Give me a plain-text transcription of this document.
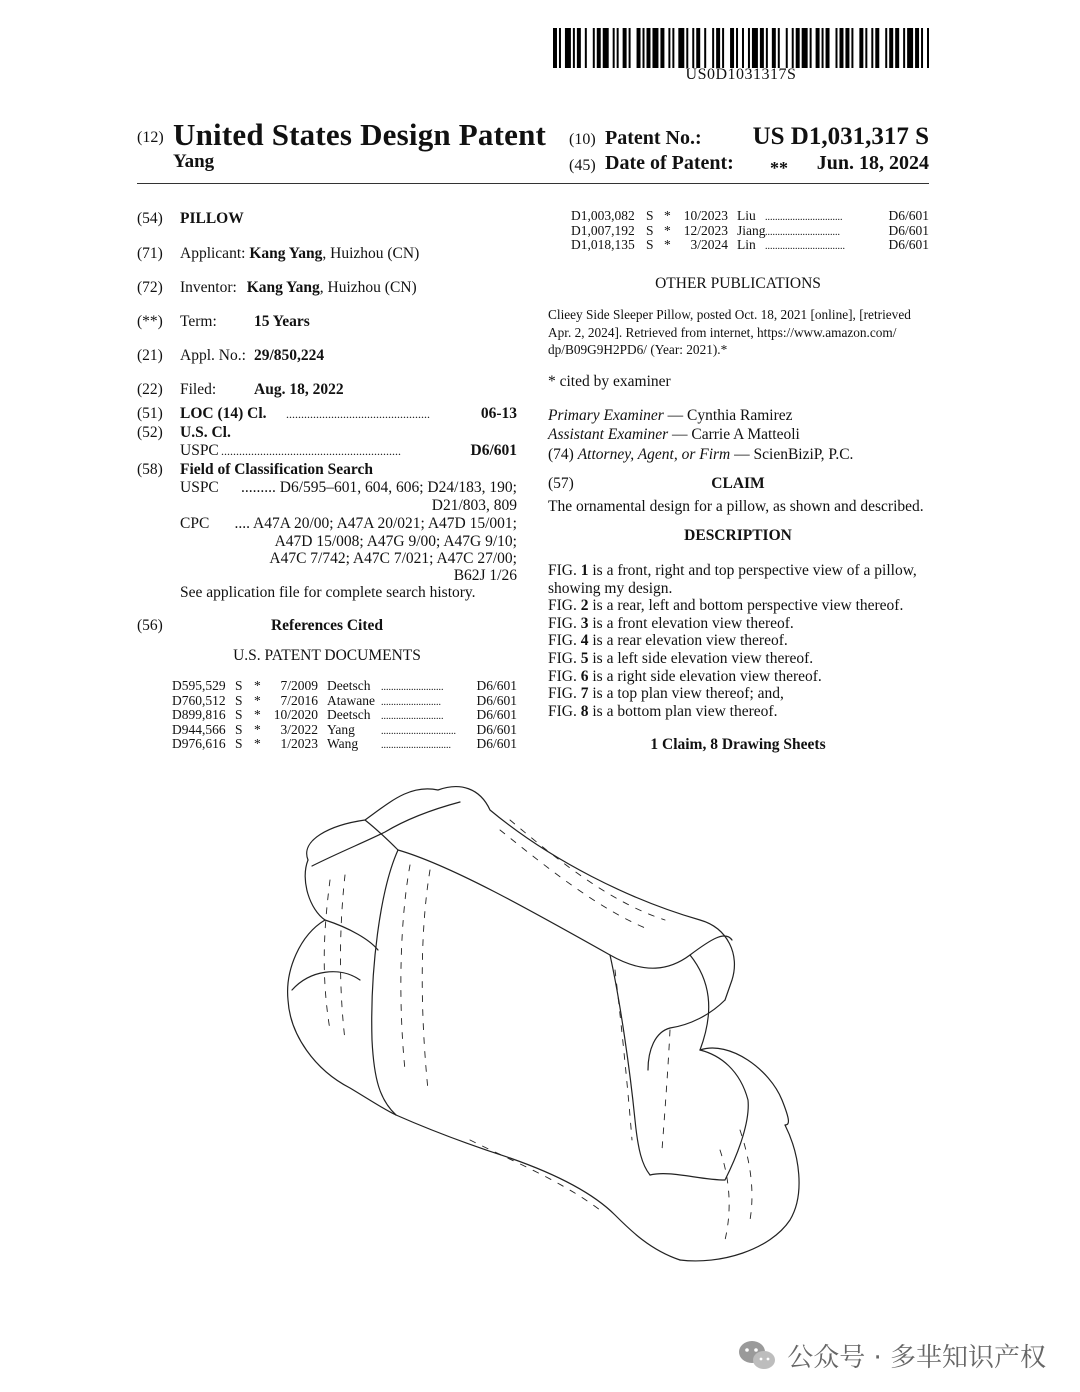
US0D1031317S
(12) United States Design Patent
Yang
(10) Patent No.: US D1,031,317 S
(45) Date of Patent: ** Jun. 18, 2024
(54) PILLOW
(71) Applicant: Kang Yang, Huizhou (CN)
(72) Inventor: Kang Yang, Huizhou (CN)
(**) Term: 15 Years
(21) Appl. No.: 29/850,224
(22) Filed: Aug. 18, 2022
(51) LOC (14) Cl. ................................................	06-13
(52) U.S. Cl.
USPC ............................................................	D6/601
(58) Field of Classification Search
USPC ......... D6/595–601, 604, 606; D24/183, 190;
D21/803, 809
CPC .... A47A 20/00; A47A 20/021; A47D 15/001;
A47D 15/008; A47G 9/00; A47G 9/10;
A47C 7/742; A47C 7/021; A47C 27/00;
B62J 1/26
See application file for complete search history.
(56)	References Cited
U.S. PATENT DOCUMENTS
D595,529 S * 7/2009 Deetsch ......................... D6/601
D760,512 S * 7/2016 Atawane ........................	D6/601
D899,816 S * 10/2020 Deetsch ......................... D6/601
D944,566 S * 3/2022 Yang	.............................. D6/601
D976,616 S * 1/2023 Wang ............................ D6/601
D1,003,082 S * 10/2023 Liu ...............................	D6/601
D1,007,192 S * 12/2023 Jiang ..............................	D6/601
D1,018,135 S * 3/2024 Lin ................................	D6/601
OTHER PUBLICATIONS
Clieey Side Sleeper Pillow, posted Oct. 18, 2021 [online], [retrieved
Apr. 2, 2024]. Retrieved from internet, https://www.amazon.com/
dp/B09G9H2PD6/ (Year: 2021).*
* cited by examiner
Primary Examiner — Cynthia Ramirez
Assistant Examiner — Carrie A Matteoli
(74) Attorney, Agent, or Firm — ScienBiziP, P.C.
(57)	CLAIM
The ornamental design for a pillow, as shown and described.
DESCRIPTION
FIG. 1 is a front, right and top perspective view of a pillow,
showing my design.
FIG. 2 is a rear, left and bottom perspective view thereof.
FIG. 3 is a front elevation view thereof.
FIG. 4 is a rear elevation view thereof.
FIG. 5 is a left side elevation view thereof.
FIG. 6 is a right side elevation view thereof.
FIG. 7 is a top plan view thereof; and,
FIG. 8 is a bottom plan view thereof.
1 Claim, 8 Drawing Sheets
公众号 · 多芈知识产权
